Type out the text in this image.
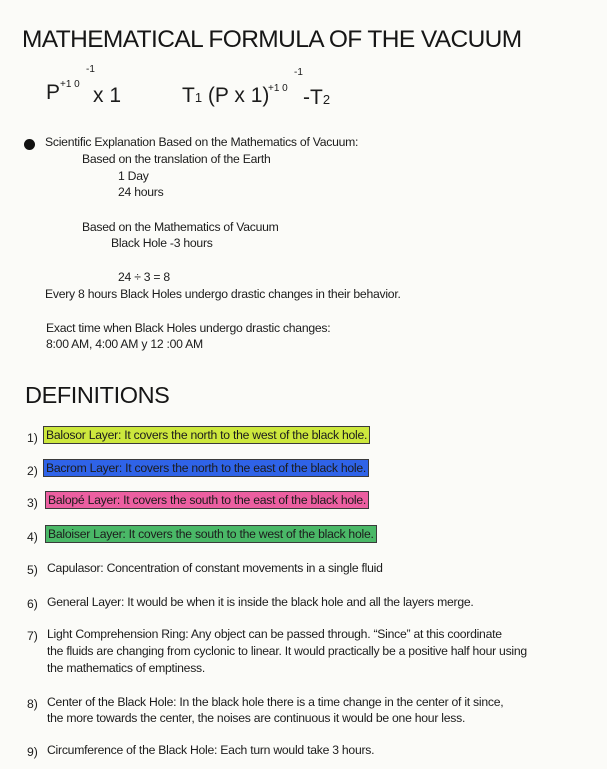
MATHEMATICAL FORMULA OF THE VACUUM
P +1 0
-1
x 1	T1 (P x 1)
+1 0
-1
-T2
Scientific Explanation Based on the Mathematics of Vacuum:
Based on the translation of the Earth
1 Day
24 hours
Based on the Mathematics of Vacuum
Black Hole -3 hours
24 ÷ 3 = 8
Every 8 hours Black Holes undergo drastic changes in their behavior.
Exact time when Black Holes undergo drastic changes:
8:00 AM, 4:00 AM y 12 :00 AM
DEFINITIONS
1) Balosor Layer: It covers the north to the west of the black hole.
2) Bacrom Layer: It covers the north to the east of the black hole.
3) Balopé Layer: It covers the south to the east of the black hole.
4) Baloiser Layer: It covers the south to the west of the black hole.
5) Capulasor: Concentration of constant movements in a single fluid
6) General Layer: It would be when it is inside the black hole and all the layers merge.
7) Light Comprehension Ring: Any object can be passed through. “Since” at this coordinate
the fluids are changing from cyclonic to linear. It would practically be a positive half hour using
the mathematics of emptiness.
8) Center of the Black Hole: In the black hole there is a time change in the center of it since,
the more towards the center, the noises are continuous it would be one hour less.
9) Circumference of the Black Hole: Each turn would take 3 hours.
